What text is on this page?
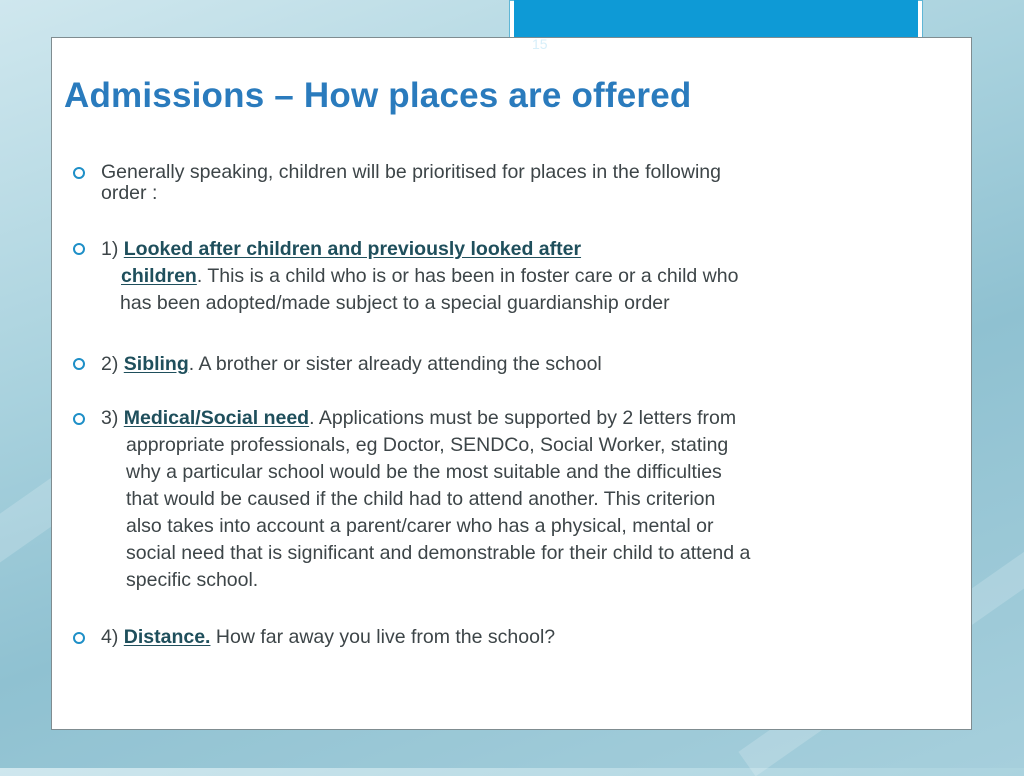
15
Admissions – How places are offered
Generally speaking, children will be prioritised for places in the following
order :
1) Looked after children and previously looked after
children. This is a child who is or has been in foster care or a child who
has been adopted/made subject to a special guardianship order
2) Sibling. A brother or sister already attending the school
3) Medical/Social need. Applications must be supported by 2 letters from
appropriate professionals, eg Doctor, SENDCo, Social Worker, stating
why a particular school would be the most suitable and the difficulties
that would be caused if the child had to attend another. This criterion
also takes into account a parent/carer who has a physical, mental or
social need that is significant and demonstrable for their child to attend a
specific school.
4) Distance. How far away you live from the school?
